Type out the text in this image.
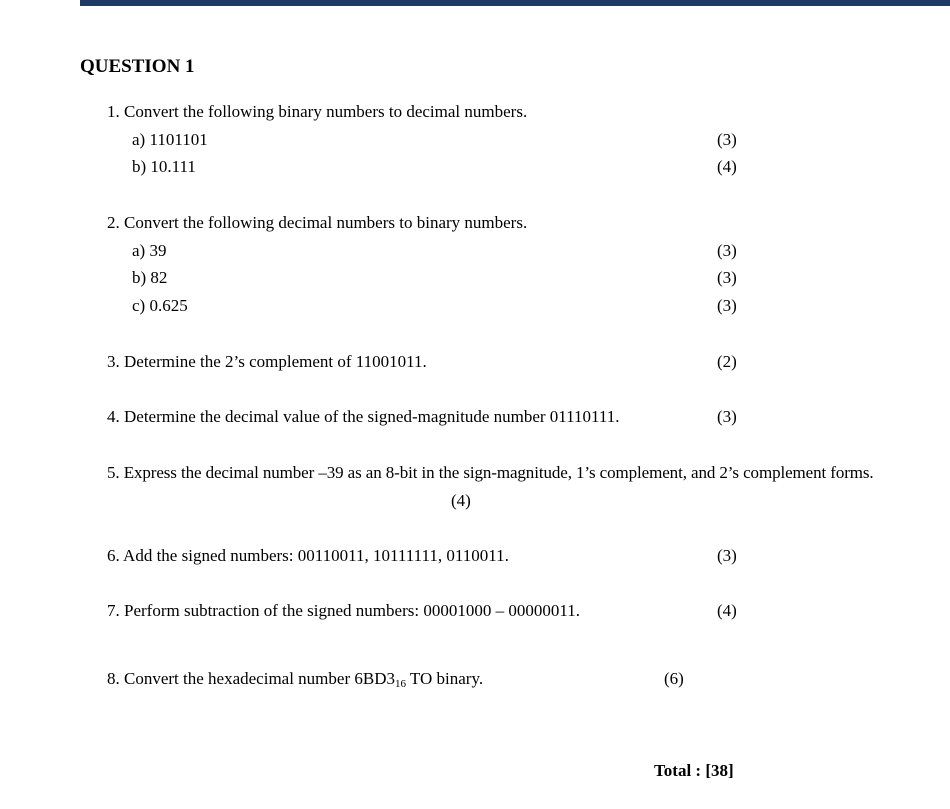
QUESTION 1
1. Convert the following binary numbers to decimal numbers.
a) 1101101	(3)
b) 10.111	(4)
2. Convert the following decimal numbers to binary numbers.
a) 39	(3)
b) 82	(3)
c) 0.625	(3)
3. Determine the 2’s complement of 11001011.	(2)
4. Determine the decimal value of the signed-magnitude number 01110111.	(3)
5. Express the decimal number –39 as an 8-bit in the sign-magnitude, 1’s complement, and 2’s complement forms.
(4)
6. Add the signed numbers: 00110011, 10111111, 0110011.	(3)
7. Perform subtraction of the signed numbers: 00001000 – 00000011.	(4)
8. Convert the hexadecimal number $6BD3_{16}$ TO binary.	(6)
Total : [38]
